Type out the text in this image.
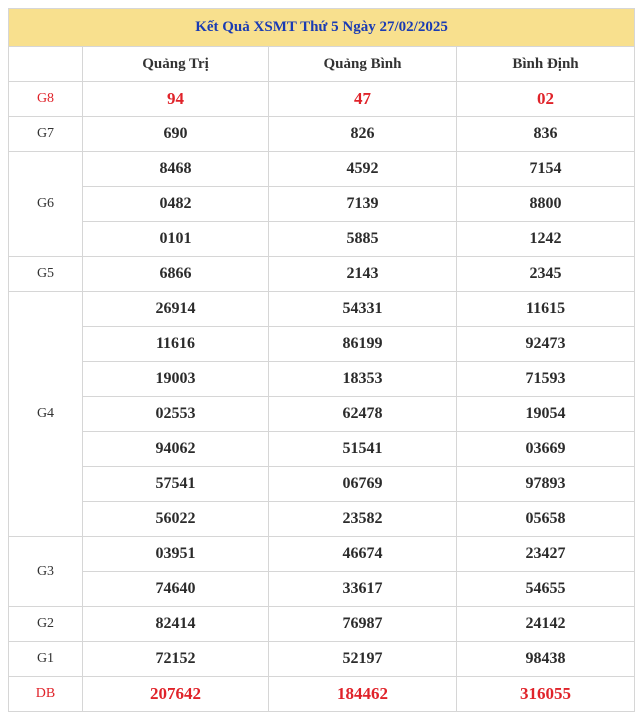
Kết Quả XSMT Thứ 5 Ngày 27/02/2025			
	Quảng Trị	Quảng Bình	Bình Định
G8	94	47	02
G7	690	826	836
G6	8468	4592	7154
	0482	7139	8800
	0101	5885	1242
G5	6866	2143	2345
G4	26914	54331	11615
	11616	86199	92473
	19003	18353	71593
	02553	62478	19054
	94062	51541	03669
	57541	06769	97893
	56022	23582	05658
G3	03951	46674	23427
	74640	33617	54655
G2	82414	76987	24142
G1	72152	52197	98438
DB	207642	184462	316055
